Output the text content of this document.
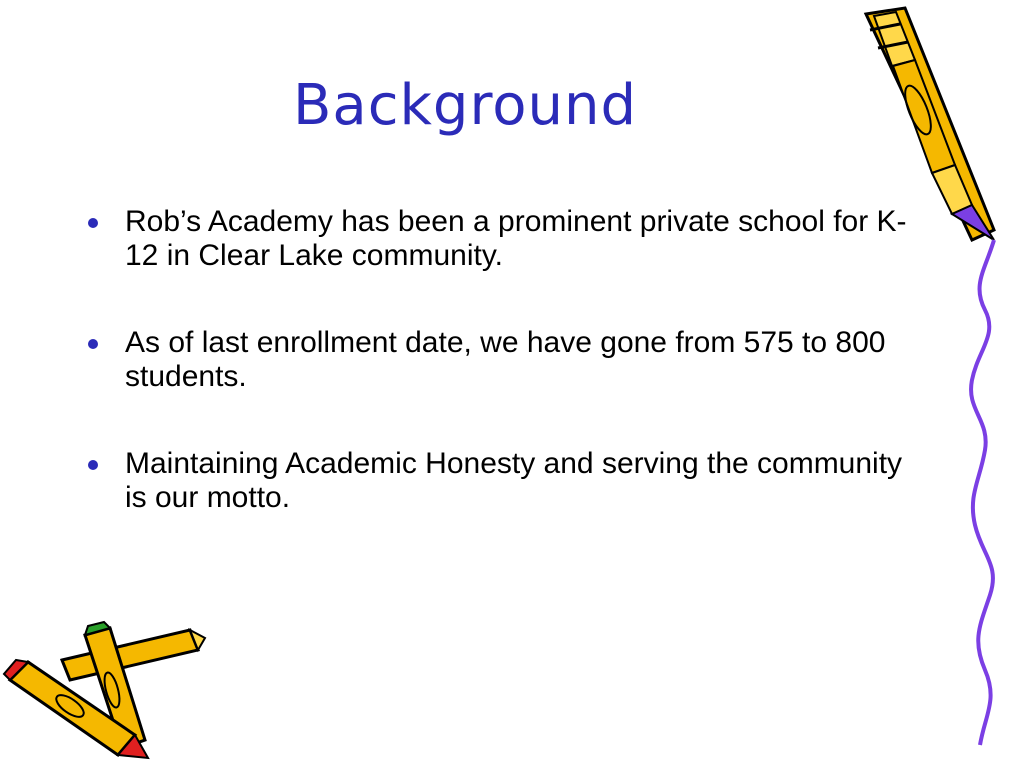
Background
Rob’s Academy has been a prominent private school for K-12 in Clear Lake community.
As of last enrollment date, we have gone from 575 to 800 students.
Maintaining Academic Honesty and serving the community is our motto.
